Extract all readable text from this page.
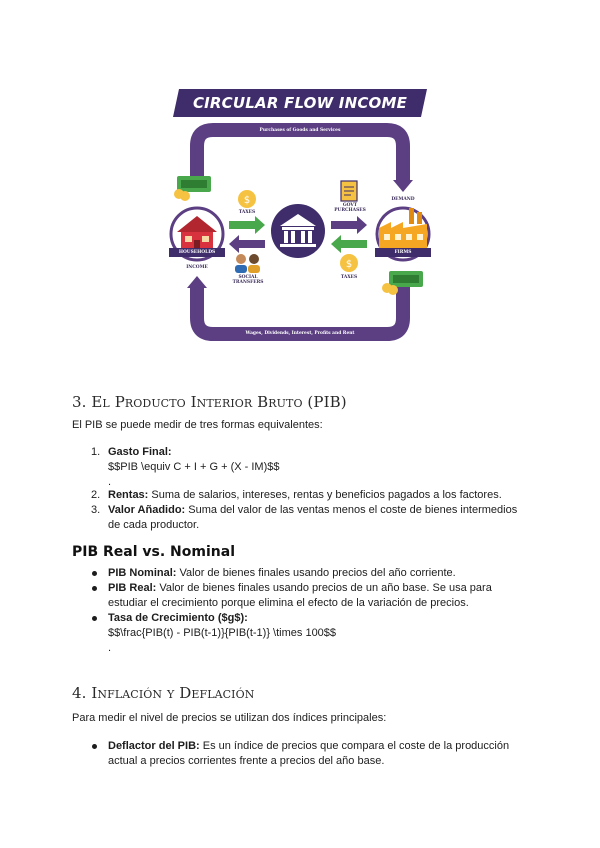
$
$
CIRCULAR FLOW INCOME
Purchases of Goods and Services
Wages, Dividends, Interest, Profits and Rent
HOUSEHOLDS
INCOME
FIRMS
DEMAND
TAXES
SOCIAL TRANSFERS
GOVT PURCHASES
TAXES
3. El Producto Interior Bruto (PIB)
El PIB se puede medir de tres formas equivalentes:
1. Gasto Final:
$$PIB \equiv C + I + G + (X - IM)$$
.
2. Rentas: Suma de salarios, intereses, rentas y beneficios pagados a los factores.
3. Valor Añadido: Suma del valor de las ventas menos el coste de bienes intermedios
de cada productor.
PIB Real vs. Nominal
PIB Nominal: Valor de bienes finales usando precios del año corriente.
PIB Real: Valor de bienes finales usando precios de un año base. Se usa para
estudiar el crecimiento porque elimina el efecto de la variación de precios.
Tasa de Crecimiento ($g$):
$$\frac{PIB(t) - PIB(t-1)}{PIB(t-1)} \times 100$$
.
4. Inflación y Deflación
Para medir el nivel de precios se utilizan dos índices principales:
Deflactor del PIB: Es un índice de precios que compara el coste de la producción
actual a precios corrientes frente a precios del año base.
